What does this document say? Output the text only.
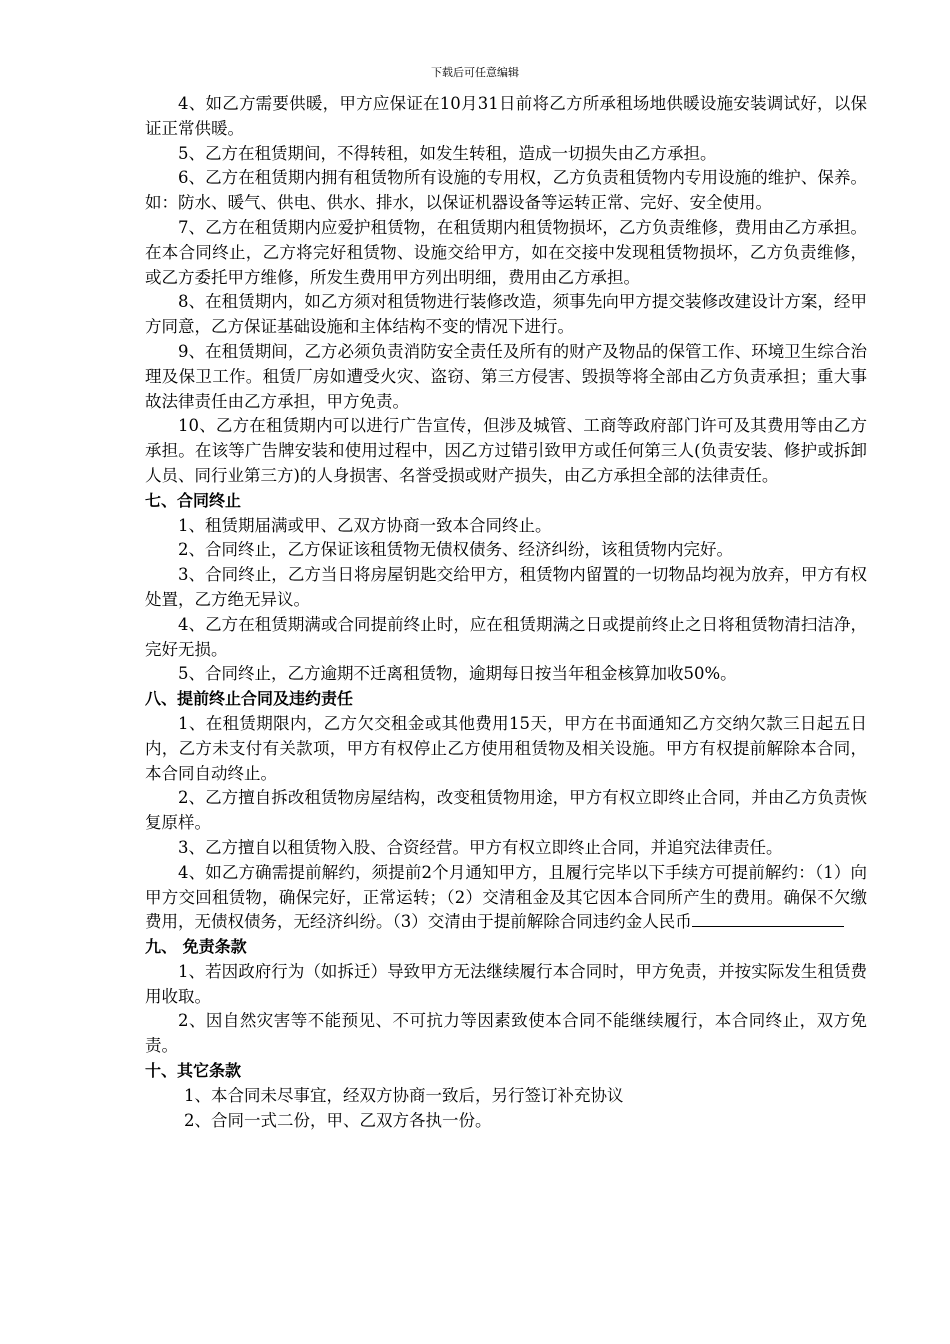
下载后可任意编辑

4、如乙方需要供暖，甲方应保证在10月31日前将乙方所承租场地供暖设施安装调试好，以保证正常供暖。

5、乙方在租赁期间，不得转租，如发生转租，造成一切损失由乙方承担。

6、乙方在租赁期内拥有租赁物所有设施的专用权，乙方负责租赁物内专用设施的维护、保养。如：防水、暖气、供电、供水、排水，以保证机器设备等运转正常、完好、安全使用。

7、乙方在租赁期内应爱护租赁物，在租赁期内租赁物损坏，乙方负责维修，费用由乙方承担。在本合同终止，乙方将完好租赁物、设施交给甲方，如在交接中发现租赁物损坏，乙方负责维修，或乙方委托甲方维修，所发生费用甲方列出明细，费用由乙方承担。

8、在租赁期内，如乙方须对租赁物进行装修改造，须事先向甲方提交装修改建设计方案，经甲方同意，乙方保证基础设施和主体结构不变的情况下进行。

9、在租赁期间，乙方必须负责消防安全责任及所有的财产及物品的保管工作、环境卫生综合治理及保卫工作。租赁厂房如遭受火灾、盗窃、第三方侵害、毁损等将全部由乙方负责承担；重大事故法律责任由乙方承担，甲方免责。

10、乙方在租赁期内可以进行广告宣传，但涉及城管、工商等政府部门许可及其费用等由乙方承担。在该等广告牌安装和使用过程中，因乙方过错引致甲方或任何第三人(负责安装、修护或拆卸人员、同行业第三方)的人身损害、名誉受损或财产损失，由乙方承担全部的法律责任。

七、合同终止

1、租赁期届满或甲、乙双方协商一致本合同终止。

2、合同终止，乙方保证该租赁物无债权债务、经济纠纷，该租赁物内完好。

3、合同终止，乙方当日将房屋钥匙交给甲方，租赁物内留置的一切物品均视为放弃，甲方有权处置，乙方绝无异议。

4、乙方在租赁期满或合同提前终止时，应在租赁期满之日或提前终止之日将租赁物清扫洁净，完好无损。

5、合同终止，乙方逾期不迁离租赁物，逾期每日按当年租金核算加收50%。

八、提前终止合同及违约责任

1、在租赁期限内，乙方欠交租金或其他费用15天，甲方在书面通知乙方交纳欠款三日起五日内，乙方未支付有关款项，甲方有权停止乙方使用租赁物及相关设施。甲方有权提前解除本合同，本合同自动终止。

2、乙方擅自拆改租赁物房屋结构，改变租赁物用途，甲方有权立即终止合同，并由乙方负责恢复原样。

3、乙方擅自以租赁物入股、合资经营。甲方有权立即终止合同，并追究法律责任。

4、如乙方确需提前解约，须提前2个月通知甲方，且履行完毕以下手续方可提前解约：（1）向甲方交回租赁物，确保完好，正常运转；（2）交清租金及其它因本合同所产生的费用。确保不欠缴费用，无债权债务，无经济纠纷。（3）交清由于提前解除合同违约金人民币

九、 免责条款

1、若因政府行为（如拆迁）导致甲方无法继续履行本合同时，甲方免责，并按实际发生租赁费用收取。

2、因自然灾害等不能预见、不可抗力等因素致使本合同不能继续履行，本合同终止，双方免责。

十、其它条款

1、本合同未尽事宜，经双方协商一致后，另行签订补充协议

2、合同一式二份，甲、乙双方各执一份。
